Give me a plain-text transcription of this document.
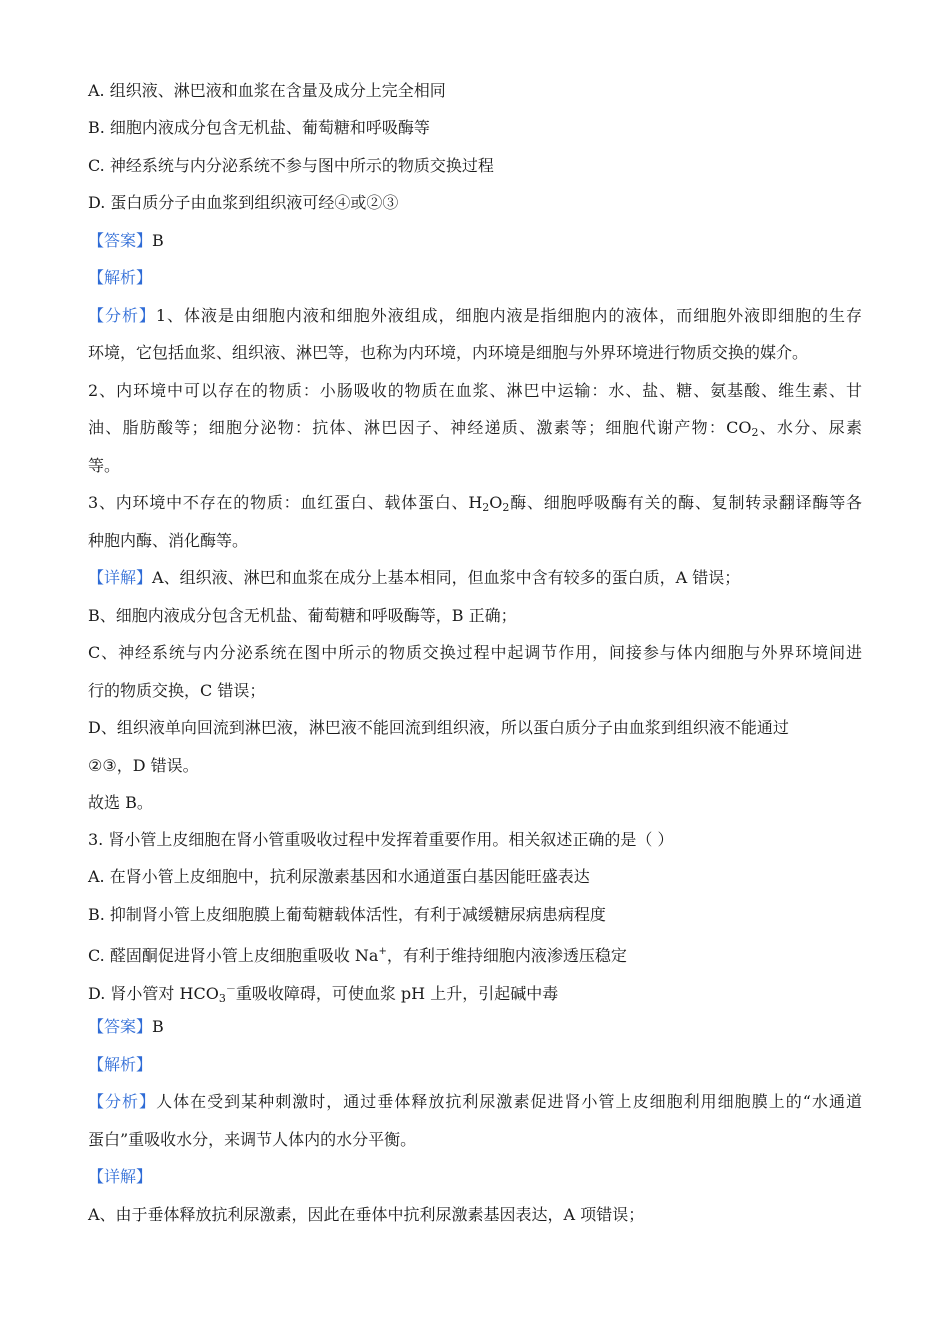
A. 组织液、淋巴液和血浆在含量及成分上完全相同
B. 细胞内液成分包含无机盐、葡萄糖和呼吸酶等
C. 神经系统与内分泌系统不参与图中所示的物质交换过程
D. 蛋白质分子由血浆到组织液可经④或②③
【答案】B
【解析】
【分析】1、体液是由细胞内液和细胞外液组成，细胞内液是指细胞内的液体，而细胞外液即细胞的生存
环境，它包括血浆、组织液、淋巴等，也称为内环境，内环境是细胞与外界环境进行物质交换的媒介。
2、内环境中可以存在的物质：小肠吸收的物质在血浆、淋巴中运输：水、盐、糖、氨基酸、维生素、甘
油、脂肪酸等；细胞分泌物：抗体、淋巴因子、神经递质、激素等；细胞代谢产物：$CO_2$、水分、尿素
等。
3、内环境中不存在的物质：血红蛋白、载体蛋白、$H_2O_2$酶、细胞呼吸酶有关的酶、复制转录翻译酶等各
种胞内酶、消化酶等。
【详解】A、组织液、淋巴和血浆在成分上基本相同，但血浆中含有较多的蛋白质，A 错误；
B、细胞内液成分包含无机盐、葡萄糖和呼吸酶等，B 正确；
C、神经系统与内分泌系统在图中所示的物质交换过程中起调节作用，间接参与体内细胞与外界环境间进
行的物质交换，C 错误；
D、组织液单向回流到淋巴液，淋巴液不能回流到组织液，所以蛋白质分子由血浆到组织液不能通过
②③，D 错误。
故选 B。
3. 肾小管上皮细胞在肾小管重吸收过程中发挥着重要作用。相关叙述正确的是（ ）
A. 在肾小管上皮细胞中，抗利尿激素基因和水通道蛋白基因能旺盛表达
B. 抑制肾小管上皮细胞膜上葡萄糖载体活性，有利于减缓糖尿病患病程度
C. 醛固酮促进肾小管上皮细胞重吸收 Na+，有利于维持细胞内液渗透压稳定
D. 肾小管对 $HCO_3^-$重吸收障碍，可使血浆 pH 上升，引起碱中毒
【答案】B
【解析】
【分析】人体在受到某种刺激时，通过垂体释放抗利尿激素促进肾小管上皮细胞利用细胞膜上的“水通道
蛋白”重吸收水分，来调节人体内的水分平衡。
【详解】
A、由于垂体释放抗利尿激素，因此在垂体中抗利尿激素基因表达，A 项错误；
